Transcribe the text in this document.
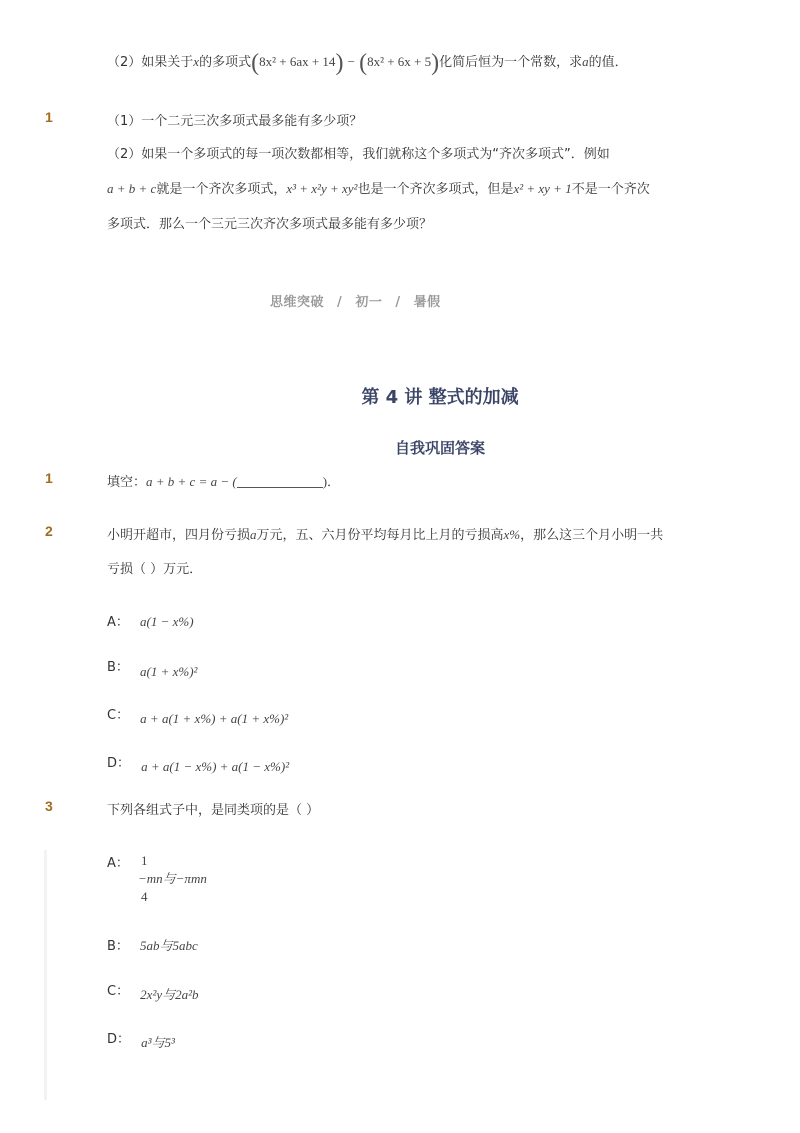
（2）如果关于x的多项式(8x² + 6ax + 14) − (8x² + 6x + 5)化简后恒为一个常数，求a的值．
1	（1）一个二元三次多项式最多能有多少项？
（2）如果一个多项式的每一项次数都相等，我们就称这个多项式为“齐次多项式”．例如
a + b + c就是一个齐次多项式，x³ + x²y + xy²也是一个齐次多项式，但是x² + xy + 1不是一个齐次
多项式．那么一个三元三次齐次多项式最多能有多少项？
思维突破 / 初一 / 暑假
第 4 讲 整式的加减
自我巩固答案
1	填空：a + b + c = a − (	)．
2	小明开超市，四月份亏损a万元，五、六月份平均每月比上月的亏损高x%，那么这三个月小明一共
亏损（ ）万元．
A： a(1 − x%)
B： $_{a(1 + x\%)^2}$
C： $_{a + a(1 + x\%) + a(1 + x\%)^2}$
D： $_{a + a(1 - x\%) + a(1 - x\%)^2}$
3	下列各组式子中，是同类项的是（ ）
$^{A:}$ 1
−mn与−πmn
4
B： 5ab与5abc
C： $_{2x^2y与2a^2b}$
D： $_{a^3与5^3}$
